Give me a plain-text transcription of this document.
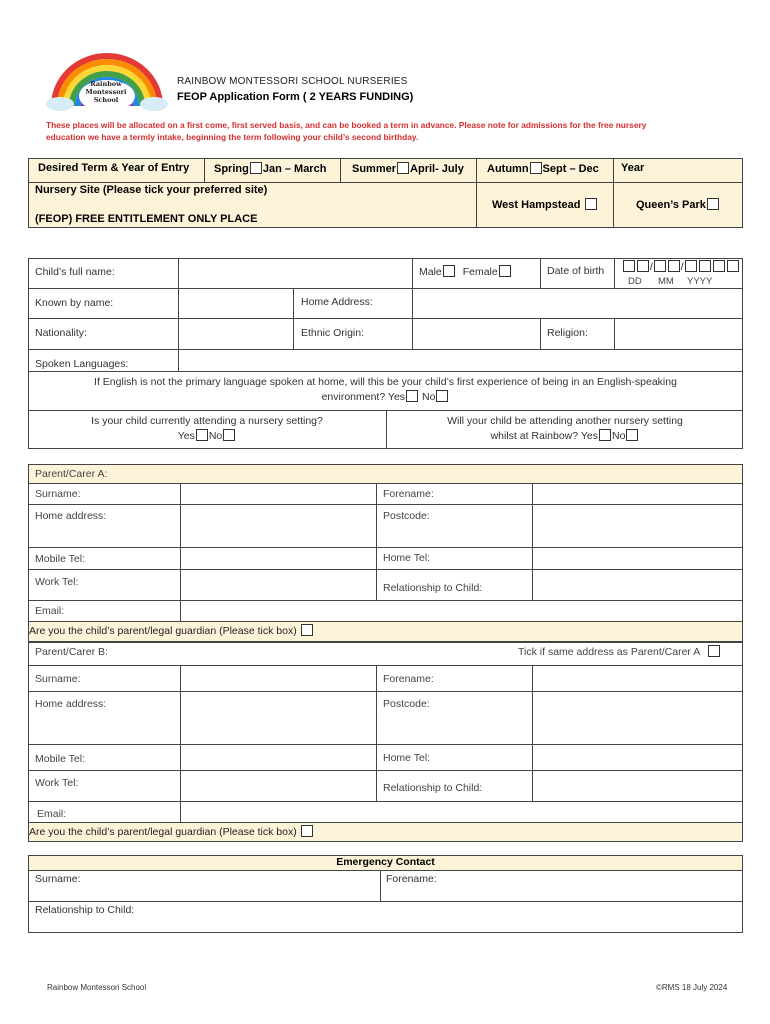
Rainbow
Montessori
School
RAINBOW MONTESSORI SCHOOL NURSERIES
FEOP Application Form ( 2 YEARS FUNDING)
These places will be allocated on a first come, first served basis, and can be booked a term in advance. Please note for admissions for the free nursery
education we have a termly intake, beginning the term following your child’s second birthday.
Desired Term & Year of Entry Spring Jan – March Summer April- July Autumn Sept – Dec Year
Nursery Site (Please tick your preferred site)
(FEOP) FREE ENTITLEMENT ONLY PLACE
West Hampstead	Queen’s Park
Child’s full name:	Male Female	Date of birth	/	/
DD MM YYYY
Known by name:	Home Address:
Nationality:	Ethnic Origin:	Religion:
Spoken Languages:
If English is not the primary language spoken at home, will this be your child’s first experience of being in an English-speaking
environment? Yes No
Is your child currently attending a nursery setting?
Yes No
Will your child be attending another nursery setting
whilst at Rainbow? Yes No
Parent/Carer A:
Surname:	Forename:
Home address:	Postcode:
Mobile Tel:	Home Tel:
Work Tel:	Relationship to Child:
Email:
Are you the child’s parent/legal guardian (Please tick box)
Parent/Carer B:	Tick if same address as Parent/Carer A
Surname:	Forename:
Home address:	Postcode:
Mobile Tel:	Home Tel:
Work Tel:	Relationship to Child:
Email:
Are you the child’s parent/legal guardian (Please tick box)
Emergency Contact
Surname:	Forename:
Relationship to Child:
Rainbow Montessori School	©RMS 18 July 2024
